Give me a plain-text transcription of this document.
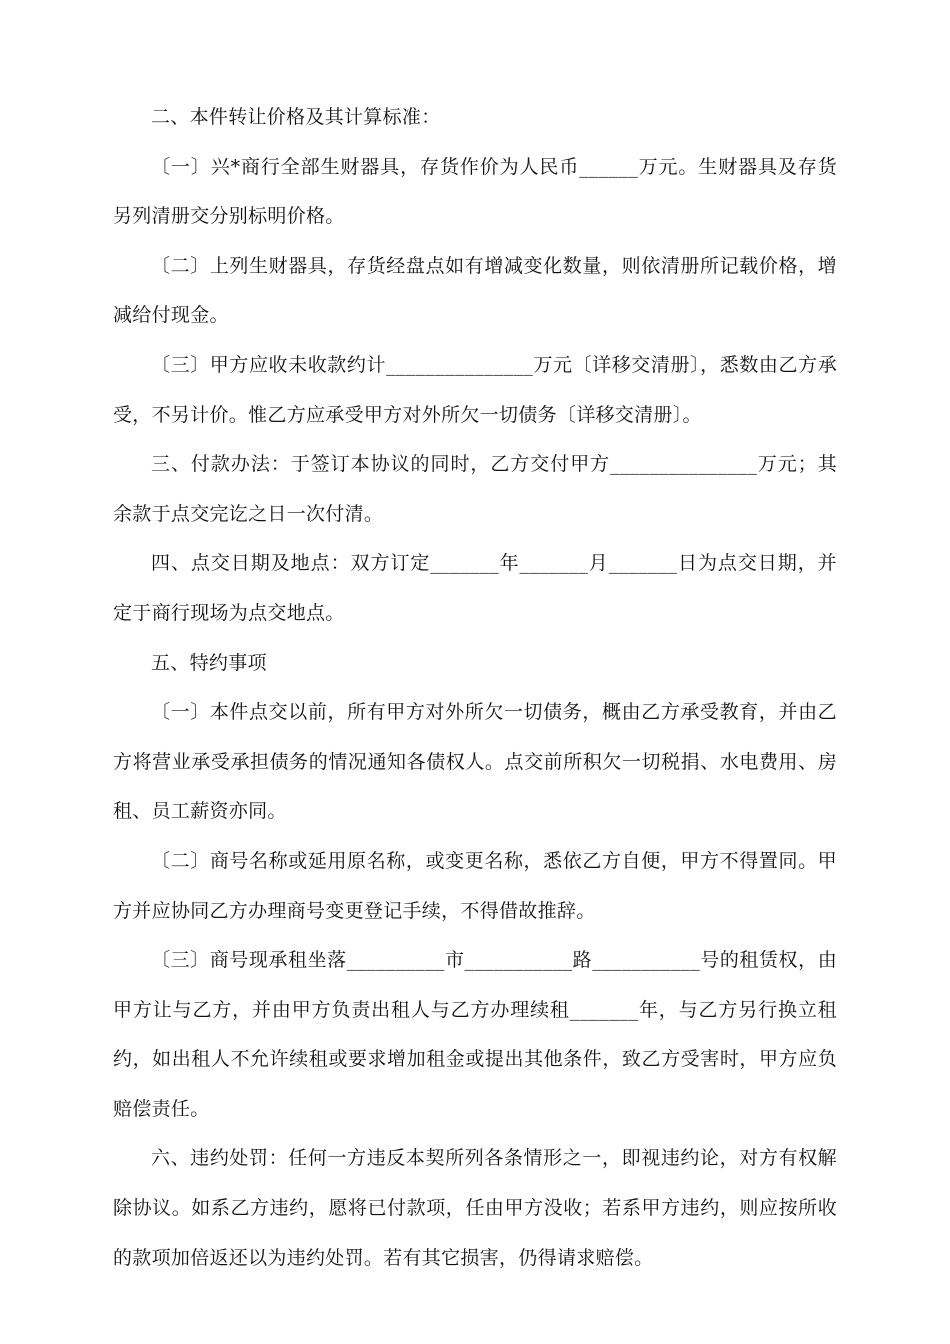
二、本件转让价格及其计算标准：

〔一〕兴*商行全部生财器具，存货作价为人民币______万元。生财器具及存货另列清册交分别标明价格。

〔二〕上列生财器具，存货经盘点如有增减变化数量，则依清册所记载价格，增减给付现金。

〔三〕甲方应收未收款约计_______________万元〔详移交清册〕，悉数由乙方承受，不另计价。惟乙方应承受甲方对外所欠一切债务〔详移交清册〕。

三、付款办法：于签订本协议的同时，乙方交付甲方_______________万元；其余款于点交完讫之日一次付清。

四、点交日期及地点：双方订定_______年_______月_______日为点交日期，并定于商行现场为点交地点。

五、特约事项

〔一〕本件点交以前，所有甲方对外所欠一切债务，概由乙方承受教育，并由乙方将营业承受承担债务的情况通知各债权人。点交前所积欠一切税捐、水电费用、房租、员工薪资亦同。

〔二〕商号名称或延用原名称，或变更名称，悉依乙方自便，甲方不得置同。甲方并应协同乙方办理商号变更登记手续，不得借故推辞。

〔三〕商号现承租坐落__________市___________路___________号的租赁权，由甲方让与乙方，并由甲方负责出租人与乙方办理续租_______年，与乙方另行换立租约，如出租人不允许续租或要求增加租金或提出其他条件，致乙方受害时，甲方应负赔偿责任。

六、违约处罚：任何一方违反本契所列各条情形之一，即视违约论，对方有权解除协议。如系乙方违约，愿将已付款项，任由甲方没收；若系甲方违约，则应按所收的款项加倍返还以为违约处罚。若有其它损害，仍得请求赔偿。
